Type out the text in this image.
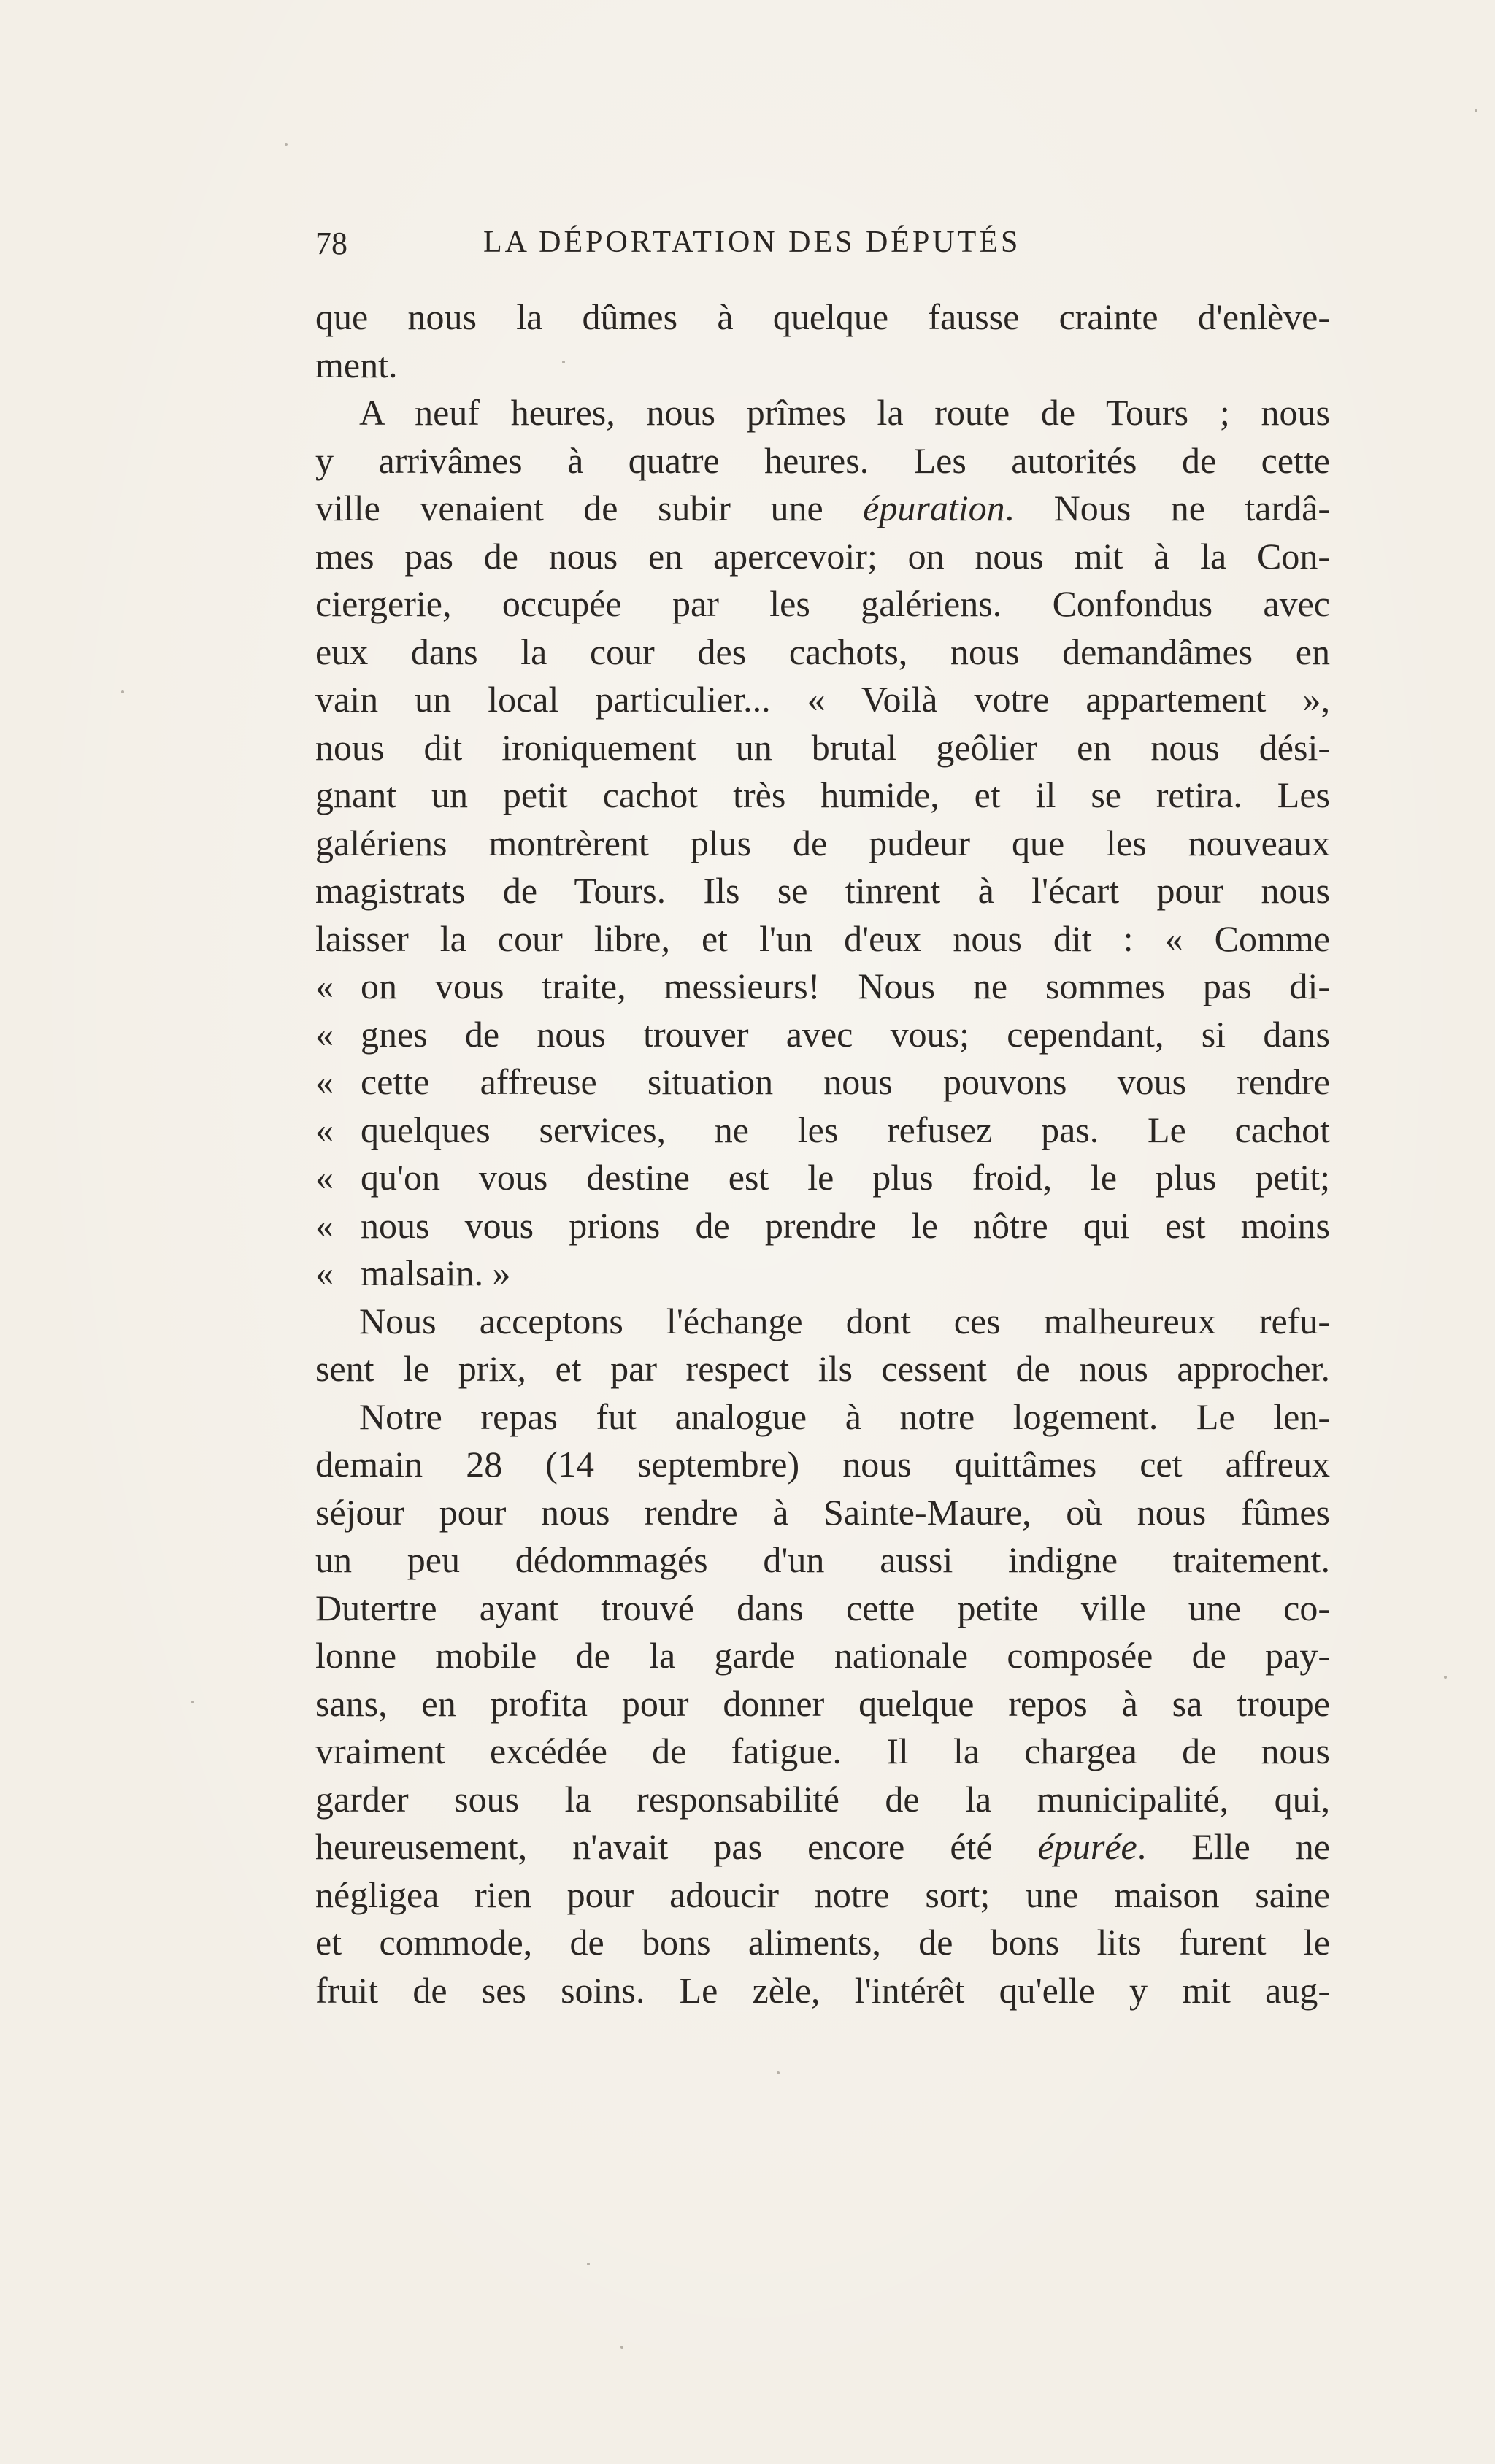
78	LA DÉPORTATION DES DÉPUTÉS
que nous la dûmes à quelque fausse crainte d'enlève-
ment.
A neuf heures, nous prîmes la route de Tours ; nous
y arrivâmes à quatre heures. Les autorités de cette
ville venaient de subir une épuration. Nous ne tardâ-
mes pas de nous en apercevoir; on nous mit à la Con-
ciergerie, occupée par les galériens. Confondus avec
eux dans la cour des cachots, nous demandâmes en
vain un local particulier... « Voilà votre appartement »,
nous dit ironiquement un brutal geôlier en nous dési-
gnant un petit cachot très humide, et il se retira. Les
galériens montrèrent plus de pudeur que les nouveaux
magistrats de Tours. Ils se tinrent à l'écart pour nous
laisser la cour libre, et l'un d'eux nous dit : « Comme
« on vous traite, messieurs! Nous ne sommes pas di-
« gnes de nous trouver avec vous; cependant, si dans
« cette affreuse situation nous pouvons vous rendre
« quelques services, ne les refusez pas. Le cachot
« qu'on vous destine est le plus froid, le plus petit;
« nous vous prions de prendre le nôtre qui est moins
« malsain. »
Nous acceptons l'échange dont ces malheureux refu-
sent le prix, et par respect ils cessent de nous approcher.
Notre repas fut analogue à notre logement. Le len-
demain 28 (14 septembre) nous quittâmes cet affreux
séjour pour nous rendre à Sainte-Maure, où nous fûmes
un peu dédommagés d'un aussi indigne traitement.
Dutertre ayant trouvé dans cette petite ville une co-
lonne mobile de la garde nationale composée de pay-
sans, en profita pour donner quelque repos à sa troupe
vraiment excédée de fatigue. Il la chargea de nous
garder sous la responsabilité de la municipalité, qui,
heureusement, n'avait pas encore été épurée. Elle ne
négligea rien pour adoucir notre sort; une maison saine
et commode, de bons aliments, de bons lits furent le
fruit de ses soins. Le zèle, l'intérêt qu'elle y mit aug-
